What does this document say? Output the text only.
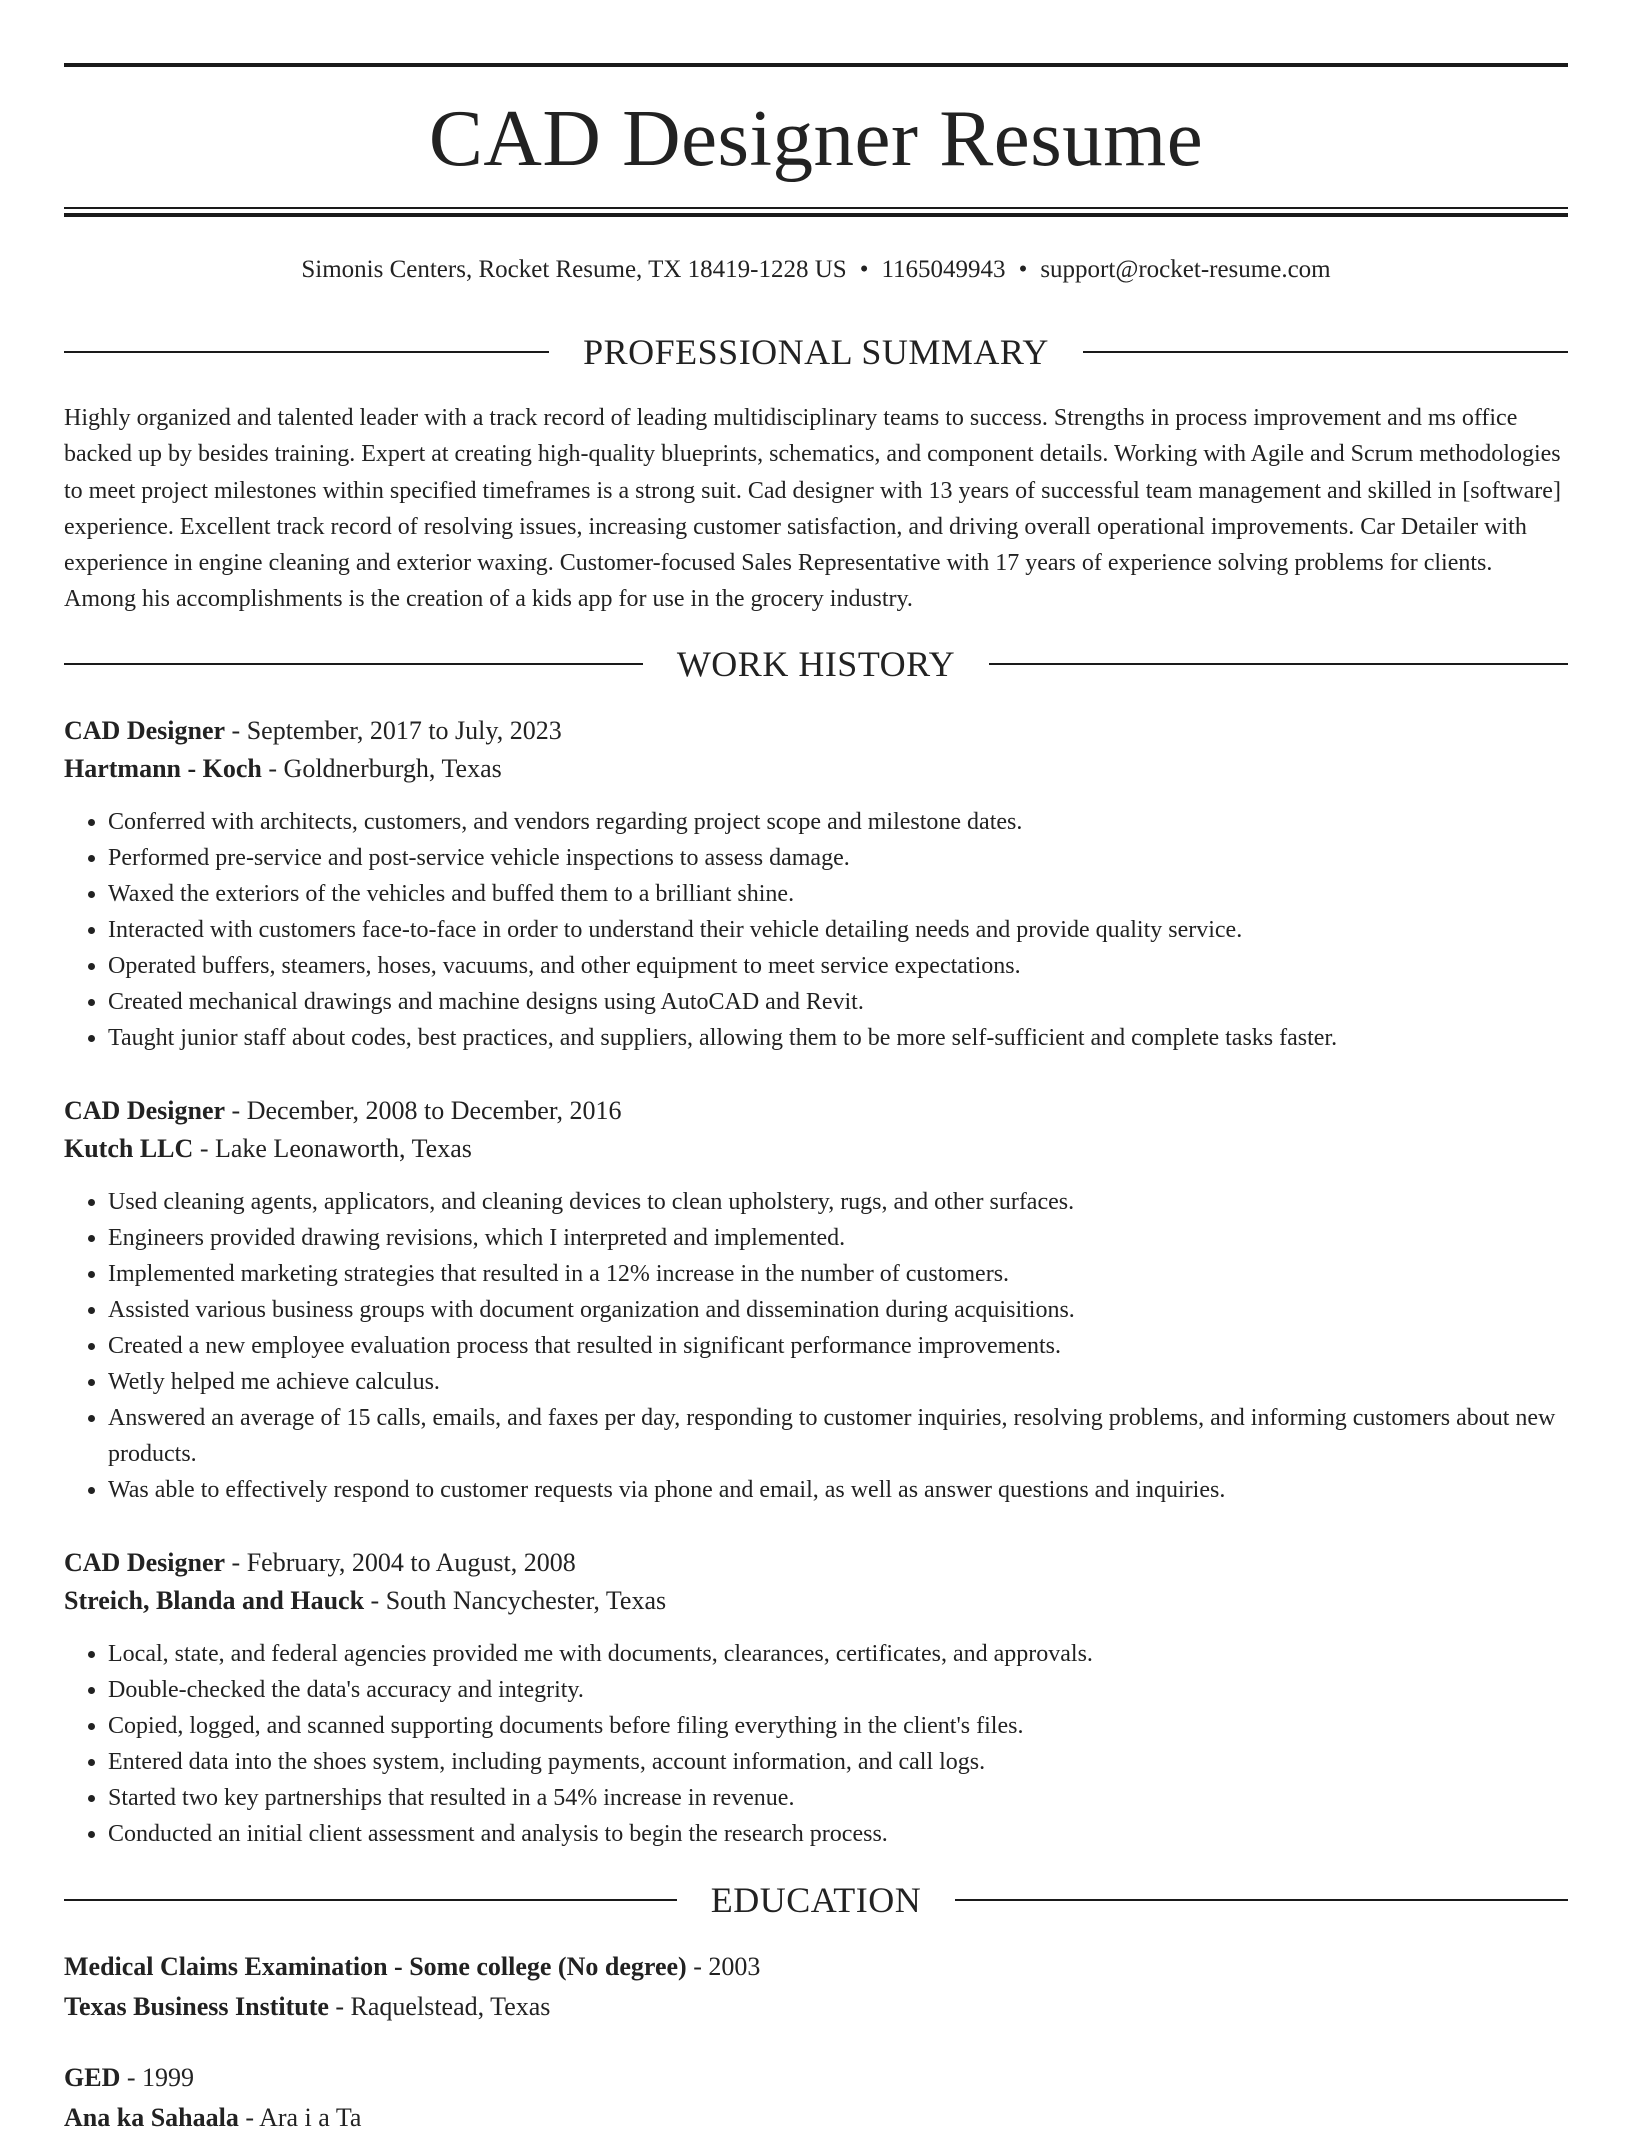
CAD Designer Resume
Simonis Centers, Rocket Resume, TX 18419-1228 US • 1165049943 • support@rocket-resume.com
PROFESSIONAL SUMMARY

Highly organized and talented leader with a track record of leading multidisciplinary teams to success. Strengths in process improvement and ms office backed up by besides training. Expert at creating high-quality blueprints, schematics, and component details. Working with Agile and Scrum methodologies to meet project milestones within specified timeframes is a strong suit. Cad designer with 13 years of successful team management and skilled in [software] experience. Excellent track record of resolving issues, increasing customer satisfaction, and driving overall operational improvements. Car Detailer with experience in engine cleaning and exterior waxing. Customer-focused Sales Representative with 17 years of experience solving problems for clients. Among his accomplishments is the creation of a kids app for use in the grocery industry.

WORK HISTORY
CAD Designer - September, 2017 to July, 2023
Hartmann - Koch - Goldnerburgh, Texas
• Conferred with architects, customers, and vendors regarding project scope and milestone dates.
• Performed pre-service and post-service vehicle inspections to assess damage.
• Waxed the exteriors of the vehicles and buffed them to a brilliant shine.
• Interacted with customers face-to-face in order to understand their vehicle detailing needs and provide quality service.
• Operated buffers, steamers, hoses, vacuums, and other equipment to meet service expectations.
• Created mechanical drawings and machine designs using AutoCAD and Revit.
• Taught junior staff about codes, best practices, and suppliers, allowing them to be more self-sufficient and complete tasks faster.
CAD Designer - December, 2008 to December, 2016
Kutch LLC - Lake Leonaworth, Texas
• Used cleaning agents, applicators, and cleaning devices to clean upholstery, rugs, and other surfaces.
• Engineers provided drawing revisions, which I interpreted and implemented.
• Implemented marketing strategies that resulted in a 12% increase in the number of customers.
• Assisted various business groups with document organization and dissemination during acquisitions.
• Created a new employee evaluation process that resulted in significant performance improvements.
• Wetly helped me achieve calculus.
• Answered an average of 15 calls, emails, and faxes per day, responding to customer inquiries, resolving problems, and informing customers about new products.
• Was able to effectively respond to customer requests via phone and email, as well as answer questions and inquiries.
CAD Designer - February, 2004 to August, 2008
Streich, Blanda and Hauck - South Nancychester, Texas
• Local, state, and federal agencies provided me with documents, clearances, certificates, and approvals.
• Double-checked the data's accuracy and integrity.
• Copied, logged, and scanned supporting documents before filing everything in the client's files.
• Entered data into the shoes system, including payments, account information, and call logs.
• Started two key partnerships that resulted in a 54% increase in revenue.
• Conducted an initial client assessment and analysis to begin the research process.
EDUCATION
Medical Claims Examination - Some college (No degree) - 2003
Texas Business Institute - Raquelstead, Texas
GED - 1999
Ana ka Sahaala - Ara i a Ta
